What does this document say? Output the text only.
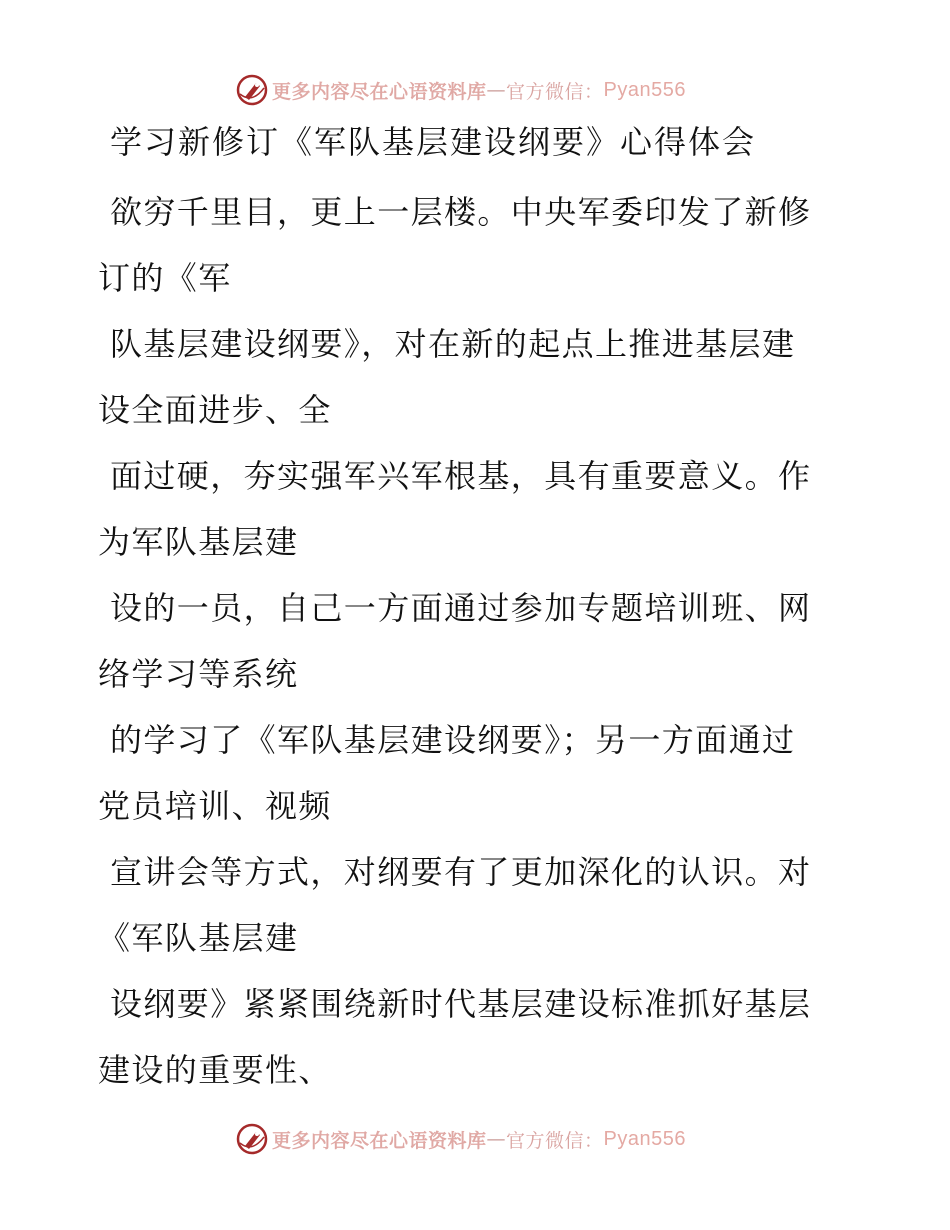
更多内容尽在心语资料库 — 官方微信： Pyan556
学习新修订《军队基层建设纲要》心得体会
欲穷千里目，更上一层楼。中央军委印发了新修
订的《军
队基层建设纲要》，对在新的起点上推进基层建
设全面进步、全
面过硬，夯实强军兴军根基，具有重要意义。作
为军队基层建
设的一员，自己一方面通过参加专题培训班、网
络学习等系统
的学习了《军队基层建设纲要》；另一方面通过
党员培训、视频
宣讲会等方式，对纲要有了更加深化的认识。对
《军队基层建
设纲要》紧紧围绕新时代基层建设标准抓好基层
建设的重要性、
更多内容尽在心语资料库 — 官方微信： Pyan556
